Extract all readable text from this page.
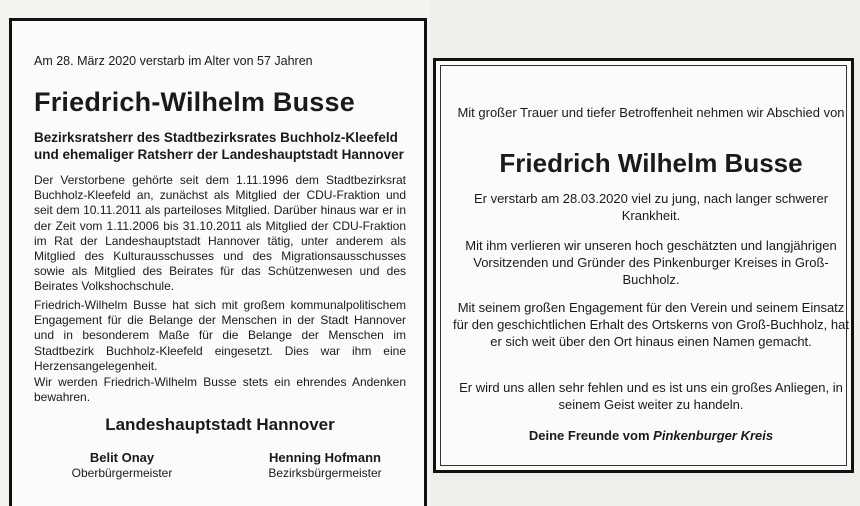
Am 28. März 2020 verstarb im Alter von 57 Jahren
Friedrich-Wilhelm Busse
Bezirksratsherr des Stadtbezirksrates Buchholz-Kleefeld
und ehemaliger Ratsherr der Landeshauptstadt Hannover
Der Verstorbene gehörte seit dem 1.11.1996 dem Stadtbezirksrat Buchholz-Kleefeld an, zunächst als Mitglied der CDU-Fraktion und seit dem 10.11.2011 als parteiloses Mitglied. Darüber hinaus war er in der Zeit vom 1.11.2006 bis 31.10.2011 als Mitglied der CDU-Fraktion im Rat der Landeshauptstadt Hannover tätig, unter anderem als Mitglied des Kulturausschusses und des Migrationsausschusses sowie als Mitglied des Beirates für das Schützenwesen und des Beirates Volkshochschule.
Friedrich-Wilhelm Busse hat sich mit großem kommunalpolitischem Engagement für die Belange der Menschen in der Stadt Hannover und in besonderem Maße für die Belange der Menschen im Stadtbezirk Buchholz-Kleefeld eingesetzt. Dies war ihm eine Herzensangelegenheit.
Wir werden Friedrich-Wilhelm Busse stets ein ehrendes Andenken bewahren.
Landeshauptstadt Hannover
Belit Onay
Oberbürgermeister
Henning Hofmann
Bezirksbürgermeister
Mit großer Trauer und tiefer Betroffenheit nehmen wir Abschied von
Friedrich Wilhelm Busse
Er verstarb am 28.03.2020 viel zu jung, nach langer schwerer Krankheit.
Mit ihm verlieren wir unseren hoch geschätzten und langjährigen Vorsitzenden und Gründer des Pinkenburger Kreises in Groß-Buchholz.
Mit seinem großen Engagement für den Verein und seinem Einsatz für den geschichtlichen Erhalt des Ortskerns von Groß-Buchholz, hat er sich weit über den Ort hinaus einen Namen gemacht.
Er wird uns allen sehr fehlen und es ist uns ein großes Anliegen, in seinem Geist weiter zu handeln.
Deine Freunde vom Pinkenburger Kreis
